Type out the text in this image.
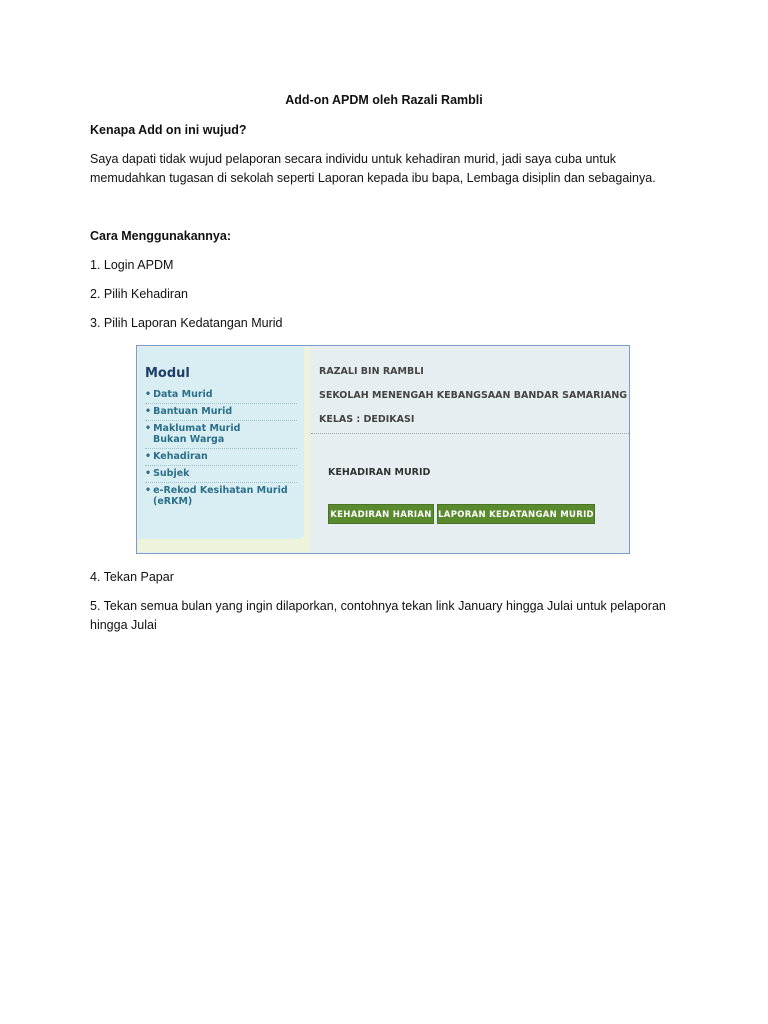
Add-on APDM oleh Razali Rambli
Kenapa Add on ini wujud?
Saya dapati tidak wujud pelaporan secara individu untuk kehadiran murid, jadi saya cuba untuk
memudahkan tugasan di sekolah seperti Laporan kepada ibu bapa, Lembaga disiplin dan sebagainya.
Cara Menggunakannya:
1. Login APDM
2. Pilih Kehadiran
3. Pilih Laporan Kedatangan Murid
Modul
• Data Murid
• Bantuan Murid
• Maklumat Murid
Bukan Warga
• Kehadiran
• Subjek
• e-Rekod Kesihatan Murid
(eRKM)
RAZALI BIN RAMBLI
SEKOLAH MENENGAH KEBANGSAAN BANDAR SAMARIANG
KELAS : DEDIKASI
KEHADIRAN MURID
KEHADIRAN HARIAN LAPORAN KEDATANGAN MURID
4. Tekan Papar
5. Tekan semua bulan yang ingin dilaporkan, contohnya tekan link January hingga Julai untuk pelaporan
hingga Julai
